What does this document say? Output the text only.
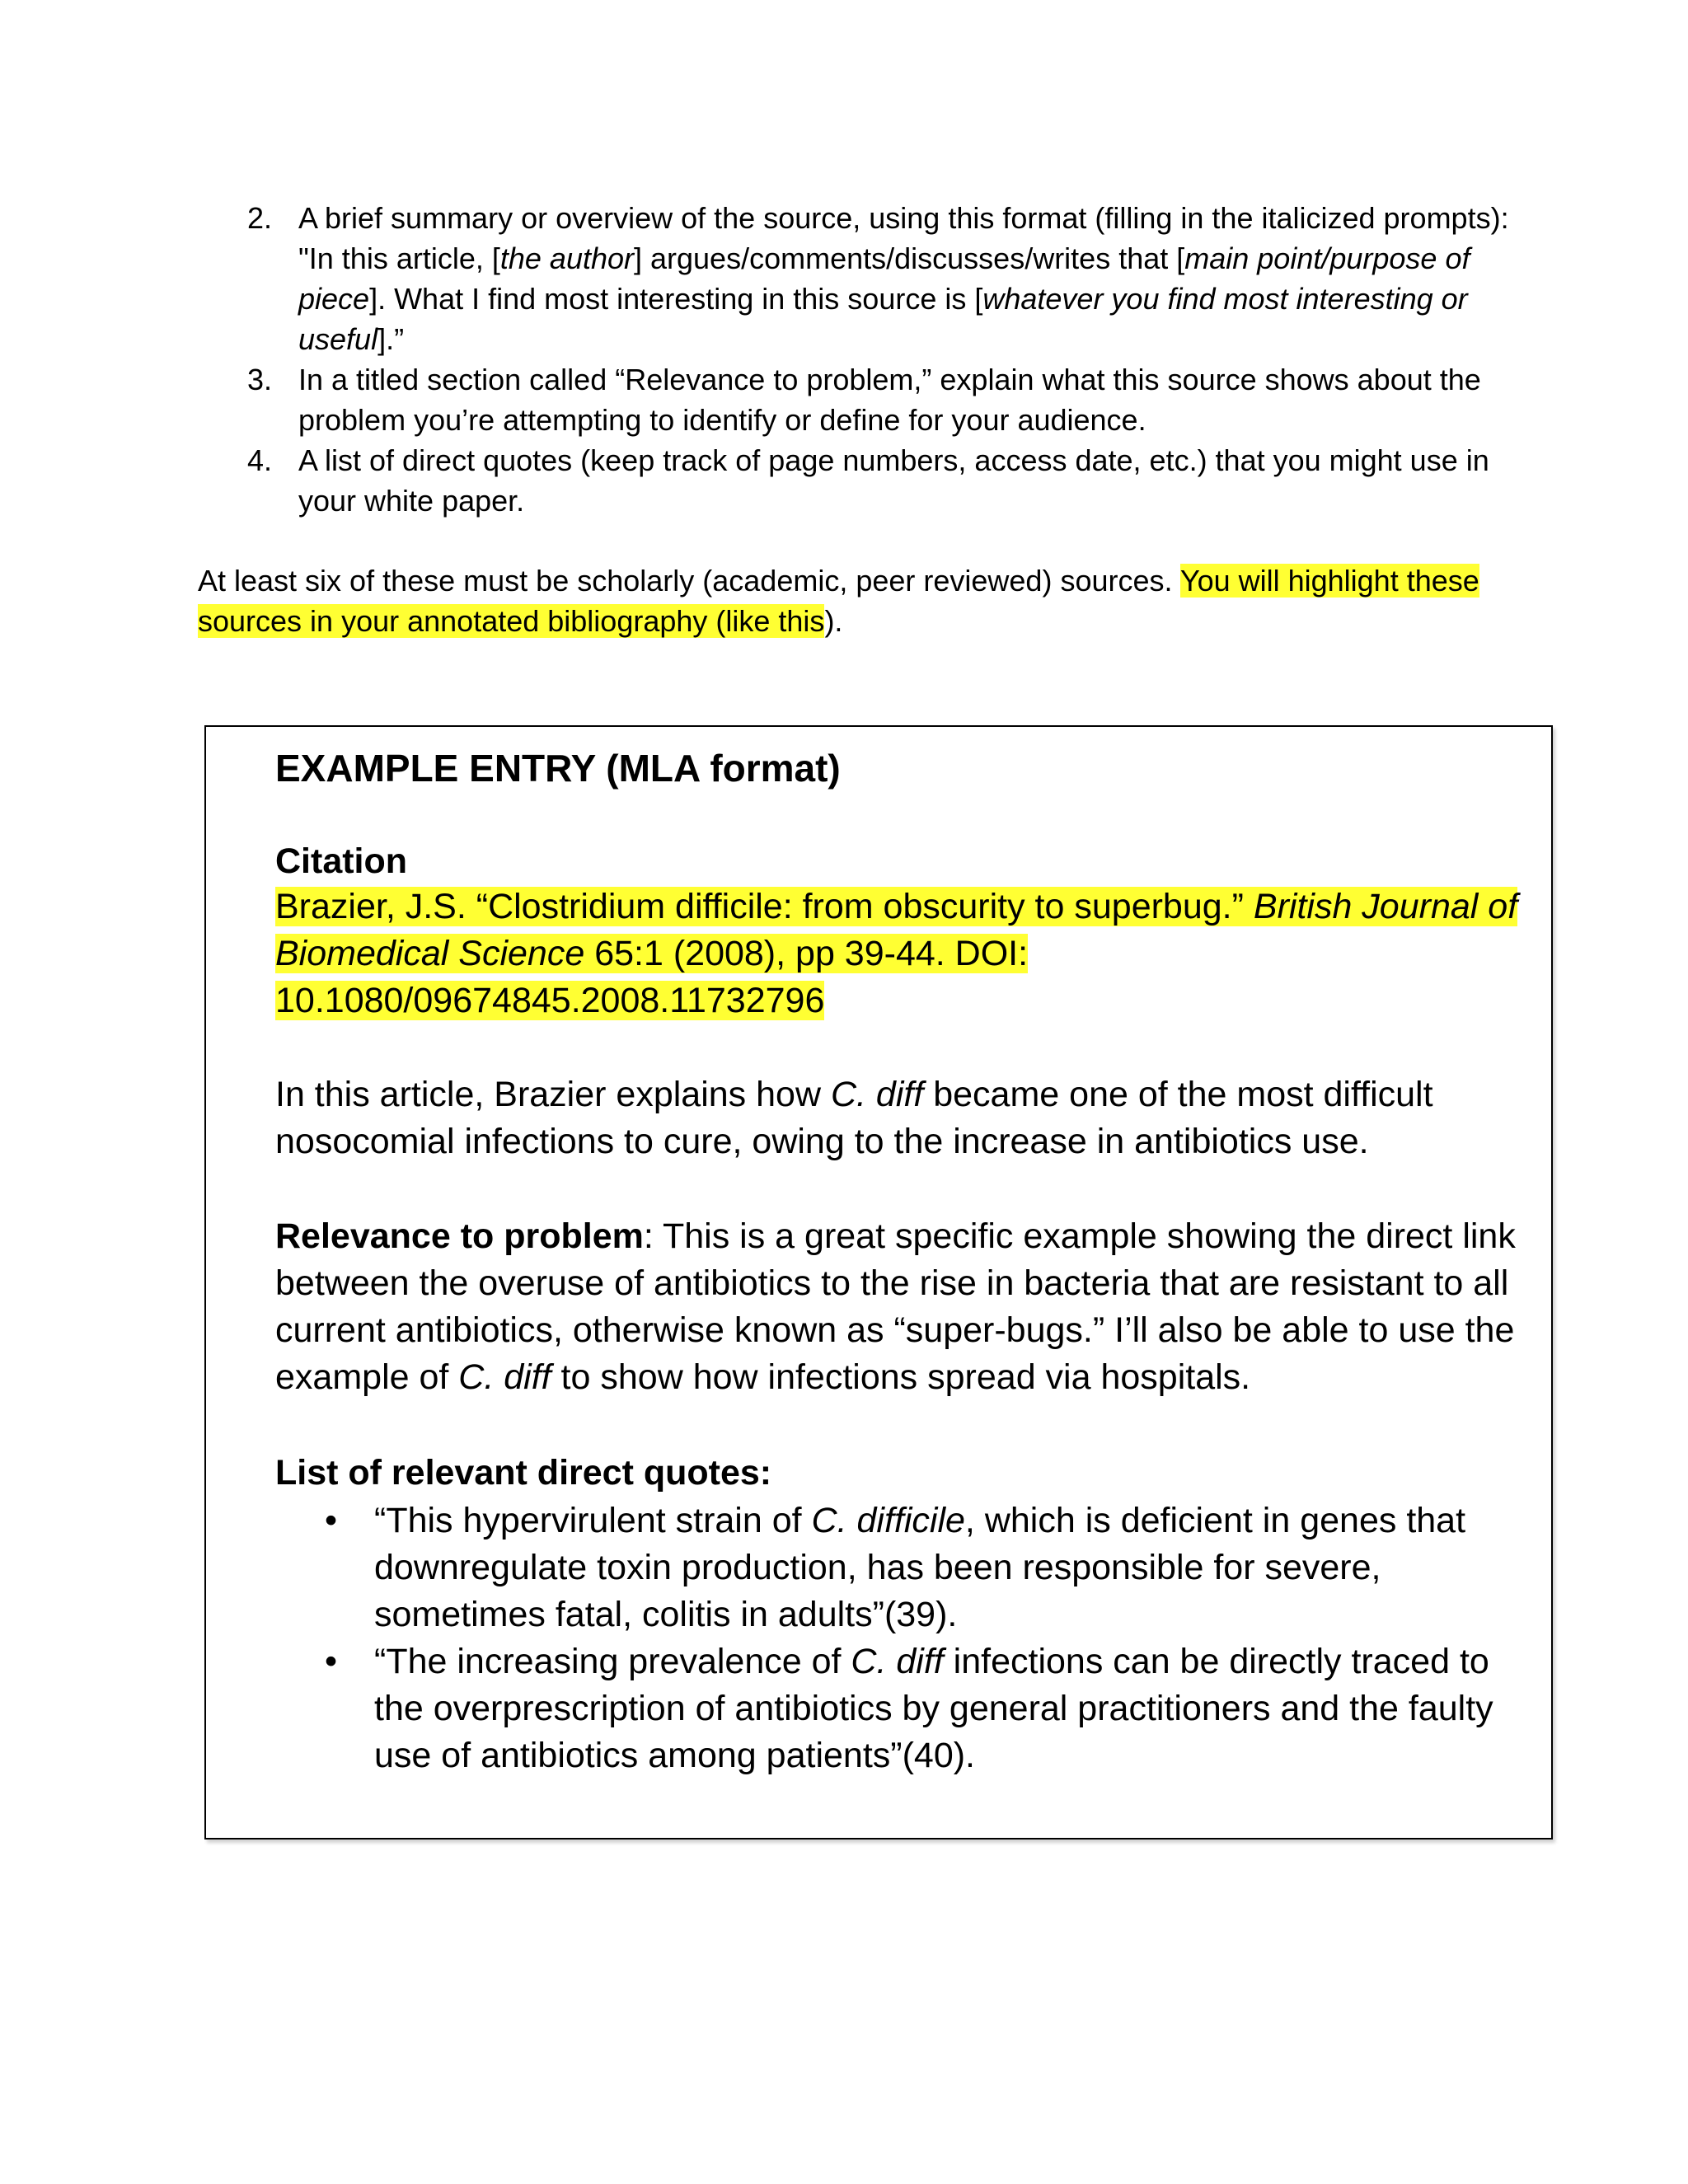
2. A brief summary or overview of the source, using this format (filling in the italicized prompts): "In this article, [the author] argues/comments/discusses/writes that [main point/purpose of piece]. What I find most interesting in this source is [whatever you find most interesting or useful].”
3. In a titled section called “Relevance to problem,” explain what this source shows about the problem you’re attempting to identify or define for your audience.
4. A list of direct quotes (keep track of page numbers, access date, etc.) that you might use in your white paper.
At least six of these must be scholarly (academic, peer reviewed) sources. You will highlight these sources in your annotated bibliography (like this).
EXAMPLE ENTRY (MLA format)
Citation
Brazier, J.S. “Clostridium difficile: from obscurity to superbug.” British Journal of Biomedical Science 65:1 (2008), pp 39-44. DOI: 10.1080/09674845.2008.11732796
In this article, Brazier explains how C. diff became one of the most difficult nosocomial infections to cure, owing to the increase in antibiotics use.
Relevance to problem: This is a great specific example showing the direct link between the overuse of antibiotics to the rise in bacteria that are resistant to all current antibiotics, otherwise known as “super-bugs.” I’ll also be able to use the example of C. diff to show how infections spread via hospitals.
List of relevant direct quotes:
• “This hypervirulent strain of C. difficile, which is deficient in genes that downregulate toxin production, has been responsible for severe, sometimes fatal, colitis in adults”(39).
• “The increasing prevalence of C. diff infections can be directly traced to the overprescription of antibiotics by general practitioners and the faulty use of antibiotics among patients”(40).
